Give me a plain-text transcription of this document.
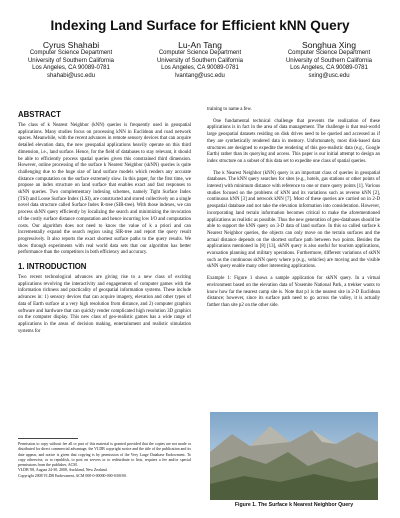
Indexing Land Surface for Efficient kNN Query
Cyrus Shahabi
Computer Science Department
University of Southern California
Los Angeles, CA 90089-0781
shahabi@usc.edu
Lu-An Tang
Computer Science Department
University of Southern California
Los Angeles, CA 90089-0781
lvantang@usc.edu
Songhua Xing
Computer Science Department
University of Southern California
Los Angeles, CA 90089-0781
sxing@usc.edu
ABSTRACT

The class of k Nearest Neighbor (kNN) queries is frequently used in geospatial applications. Many studies focus on processing kNN in Euclidean and road network spaces. Meanwhile, with the recent advances in remote sensory devices that can acquire detailed elevation data, the new geospatial applications heavily operate on this third dimension, i.e., land surface. Hence, for the field of databases to stay relevant, it should be able to efficiently process spatial queries given this constrained third dimension. However, online processing of the surface k Nearest Neighbor (skNN) queries is quite challenging due to the huge size of land surface models which renders any accurate distance computation on the surface extremely slow. In this paper, for the first time, we propose an index structure on land surface that enables exact and fast responses to skNN queries. Two complementary indexing schemes, namely Tight Surface Index (TSI) and Loose Surface Index (LSI), are constructed and stored collectively on a single novel data structure called Surface Index R-tree (SIR-tree). With those indexes, we can process skNN query efficiently by localizing the search and minimizing the invocation of the costly surface distance computation and hence incurring low I/O and computation costs. Our algorithm does not need to know the value of k a priori and can incrementally expand the search region using SIR-tree and report the query result progressively. It also reports the exact shortest surface paths to the query results. We show through experiments with real world data sets that our algorithm has better performance than the competitors in both efficiency and accuracy.

1. INTRODUCTION

Two recent technological advances are giving rise to a new class of exciting applications revolving the interactivity and engagements of computer games with the information richness and practicality of geospatial information systems. These include advances in: 1) sensory devices that can acquire imagery, elevation and other types of data of Earth surface at a very high resolution from distance, and 2) computer graphics software and hardware that can quickly render complicated high resolution 3D graphics on the computer display. This new class of geo-realistic games has a wide range of applications in the areas of decision making, entertainment and realistic simulation systems for

Permission to copy without fee all or part of this material is granted provided that the copies are not made or distributed for direct commercial advantage, the VLDB copyright notice and the title of the publication and its date appear, and notice is given that copying is by permission of the Very Large Database Endowment. To copy otherwise, or to republish, to post on servers or to redistribute to lists, requires a fee and/or special permissions from the publisher, ACM.
VLDB '08, August 24-30, 2008, Auckland, New Zealand.
Copyright 2008 VLDB Endowment, ACM 000-0-00000-000-0/00/00.

training to name a few.

One fundamental technical challenge that prevents the realization of these applications is in fact in the area of data management. The challenge is that real-world large geospatial datasets residing on disk drives need to be queried and accessed as if they are synthetically rendered data in memory. Unfortunately, most disk-based data structures are designed to expedite the rendering of this geo-realistic data (e.g., Google Earth) rather than its querying and access. This paper is our initial attempt to design an index structure on a subset of this data set to expedite one class of spatial queries.

The k Nearest Neighbor (kNN) query is an important class of queries in geospatial databases. The kNN query searches for sites (e.g., hotels, gas stations or other points of interest) with minimum distance with reference to one or more query points [1]. Various studies focused on the problems of kNN and its variations such as reverse kNN [2], continuous kNN [3] and network kNN [7]. Most of these queries are carried on in 2-D geospatial database and not take the elevation information into consideration. However, incorporating land terrain information becomes critical to make the aforementioned applications as realistic as possible. Thus the new generation of geo-databases should be able to support the kNN query on 3-D data of land surface. In this so called surface k Nearest Neighbor queries, the objects can only move on the terrain surfaces and the actual distance depends on the shortest surface path between two points. Besides the applications mentioned in [8] [13], skNN query is also useful for tourism applications, evacuation planning and military operations. Furthermore, different variations of skNN such as the continuous skNN query where p (e.g., vehicles) are moving and the visible skNN query enable many other interesting applications.

Example 1: Figure 1 shows a sample application for skNN query. In a virtual environment based on the elevation data of Yosemite National Park, a trekker wants to know how far the nearest camp site is. Note that p1 is the nearest site in 2-D Euclidean distance; however, since its surface path need to go across the valley, it is actually farther than site p2 on the other side.

Figure 1. The Surface k Nearest Neighbor Query
